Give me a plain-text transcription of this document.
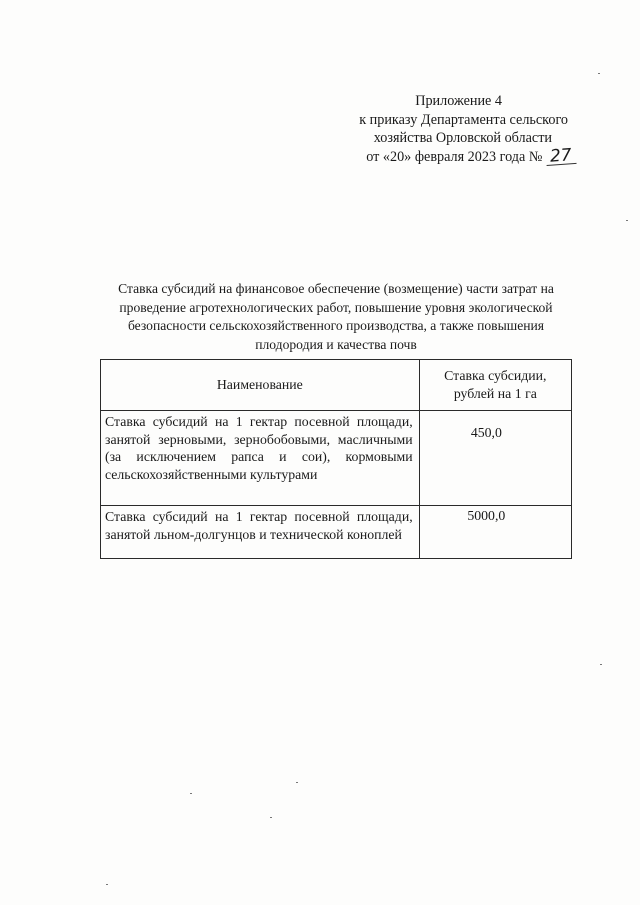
Приложение 4
к приказу Департамента сельского
хозяйства Орловской области
от «20» февраля 2023 года № 27
Ставка субсидий на финансовое обеспечение (возмещение) части затрат на
проведение агротехнологических работ, повышение уровня экологической
безопасности сельскохозяйственного производства, а также повышения
плодородия и качества почв
Наименование	Ставка субсидии,
рублей на 1 га

Ставка субсидий на 1 гектар посевной площади, занятой зерновыми, зернобобовыми, масличными (за исключением рапса и сои), кормовыми сельскохозяйственными культурами	450,0

Ставка субсидий на 1 гектар посевной площади, занятой льном-долгунцов и технической коноплей	5000,0
